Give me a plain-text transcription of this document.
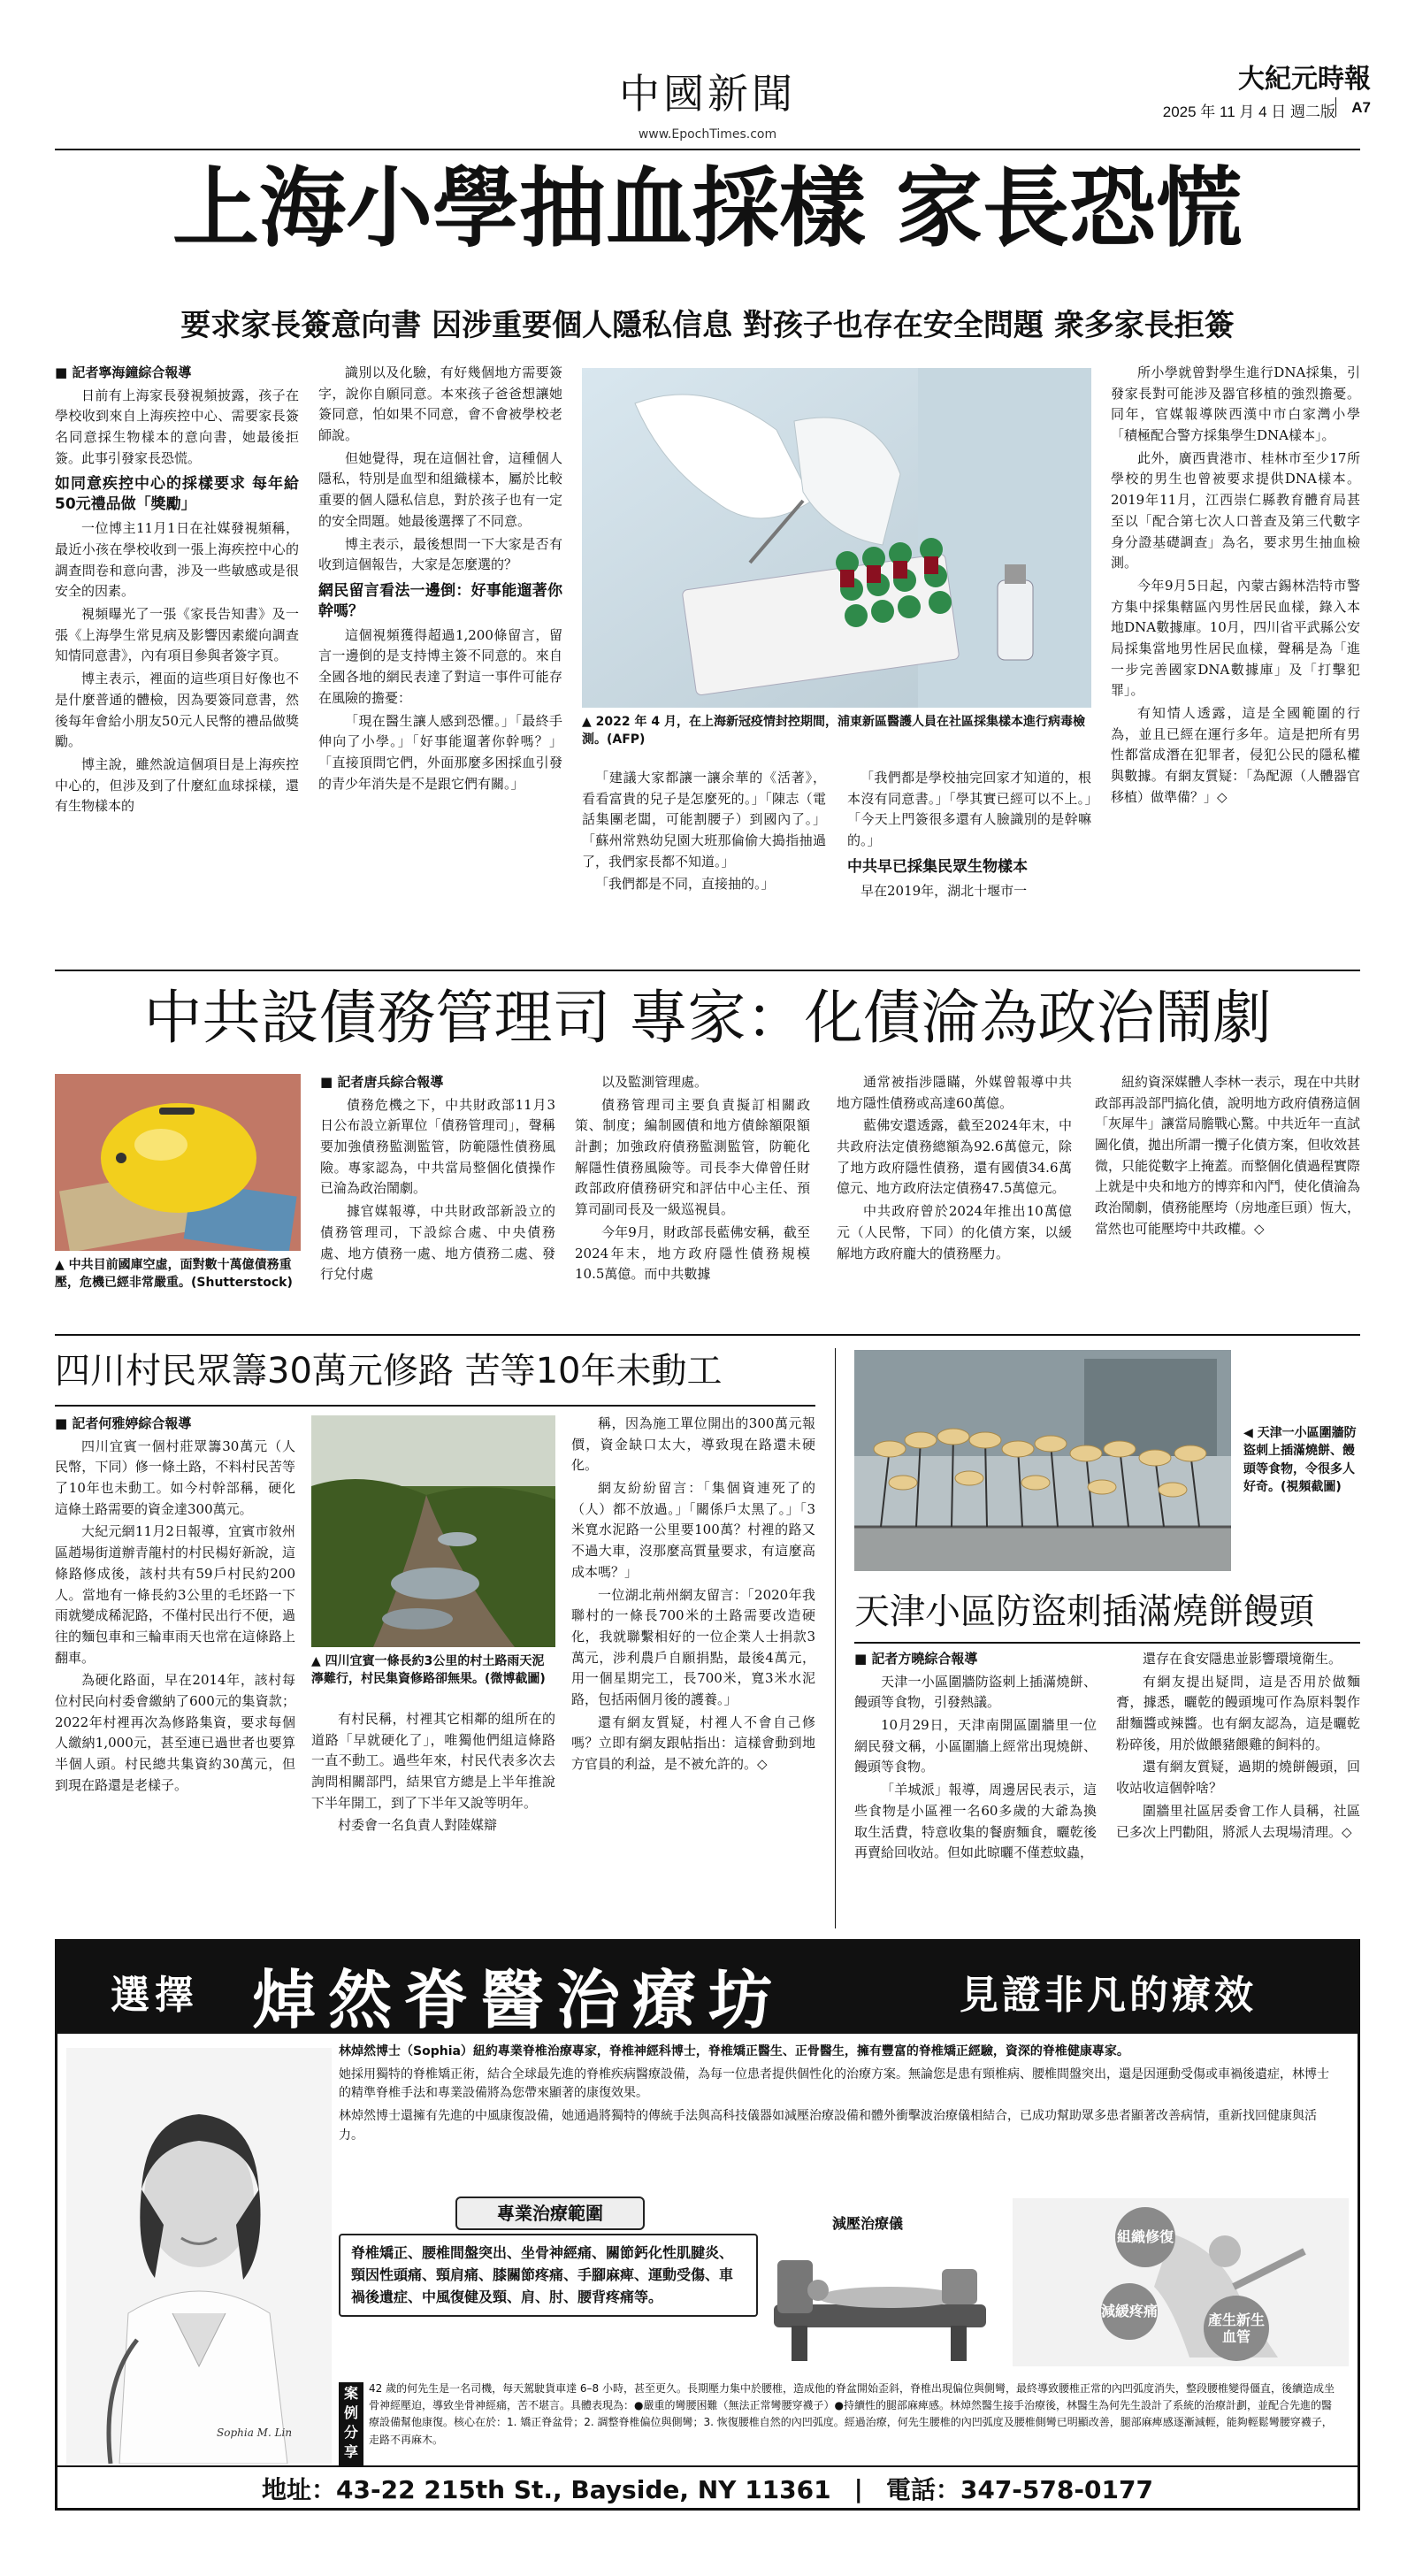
中國新聞
www.EpochTimes.com
大紀元時報
2025 年 11 月 4 日 週二版	A7
上海小學抽血採樣 家長恐慌
要求家長簽意向書 因涉重要個人隱私信息 對孩子也存在安全問題 衆多家長拒簽

■ 記者寧海鐘綜合報導

日前有上海家長發視頻披露，孩子在學校收到來自上海疾控中心、需要家長簽名同意採生物樣本的意向書，她最後拒簽。此事引發家長恐慌。

如同意疾控中心的採樣要求 每年給50元禮品做「獎勵」

一位博主11月1日在社媒發視頻稱，最近小孩在學校收到一張上海疾控中心的調查問卷和意向書，涉及一些敏感或是很安全的因素。

視頻曝光了一張《家長告知書》及一張《上海學生常見病及影響因素縱向調查知情同意書》，內有項目參與者簽字頁。

博主表示，裡面的這些項目好像也不是什麼普通的體檢，因為要簽同意書，然後每年會給小朋友50元人民幣的禮品做獎勵。

博主說，雖然說這個項目是上海疾控中心的，但涉及到了什麼紅血球採樣，還有生物樣本的

識別以及化驗，有好幾個地方需要簽字，說你自願同意。本來孩子爸爸想讓她簽同意，怕如果不同意，會不會被學校老師說。

但她覺得，現在這個社會，這種個人隱私，特別是血型和組織樣本，屬於比較重要的個人隱私信息，對於孩子也有一定的安全問題。她最後選擇了不同意。

博主表示，最後想問一下大家是否有收到這個報告，大家是怎麼選的？

網民留言看法一邊倒：好事能遛著你幹嗎？

這個視頻獲得超過1,200條留言，留言一邊倒的是支持博主簽不同意的。來自全國各地的網民表達了對這一事件可能存在風險的擔憂：

「現在醫生讓人感到恐懼。」「最終手伸向了小學。」「好事能遛著你幹嗎？」「直接頂問它們，外面那麼多困採血引發的青少年消失是不是跟它們有關。」

▲ 2022 年 4 月，在上海新冠疫情封控期間，浦東新區醫護人員在社區採集樣本進行病毒檢測。(AFP)

「建議大家都讓一讓余華的《活著》，看看富貴的兒子是怎麼死的。」「陳志（電話集團老闆，可能割腰子）到國內了。」「蘇州常熟幼兒園大班那倫偷大搗指抽過了，我們家長都不知道。」

「我們都是不同，直接抽的。」

「我們都是學校抽完回家才知道的，根本沒有同意書。」「學其實已經可以不上。」「今天上門簽很多還有人臉識別的是幹嘛的。」

中共早已採集民眾生物樣本

早在2019年，湖北十堰市一

所小學就曾對學生進行DNA採集，引發家長對可能涉及器官移植的強烈擔憂。同年，官媒報導陝西漢中市白家灣小學「積極配合警方採集學生DNA樣本」。

此外，廣西貴港市、桂林市至少17所學校的男生也曾被要求提供DNA樣本。2019年11月，江西崇仁縣教育體育局甚至以「配合第七次人口普查及第三代數字身分證基礎調查」為名，要求男生抽血檢測。

今年9月5日起，內蒙古錫林浩特市警方集中採集轄區內男性居民血樣，錄入本地DNA數據庫。10月，四川省平武縣公安局採集當地男性居民血樣，聲稱是為「進一步完善國家DNA數據庫」及「打擊犯罪」。

有知情人透露，這是全國範圍的行為，並且已經在運行多年。這是把所有男性都當成潛在犯罪者，侵犯公民的隱私權與數據。有網友質疑：「為配源（人體器官移植）做準備？」◇

中共設債務管理司 專家：化債淪為政治鬧劇
▲ 中共目前國庫空虛，面對數十萬億債務重壓，危機已經非常嚴重。(Shutterstock)

■ 記者唐兵綜合報導

債務危機之下，中共財政部11月3日公布設立新單位「債務管理司」，聲稱要加強債務監測監管，防範隱性債務風險。專家認為，中共當局整個化債操作已淪為政治鬧劇。

據官媒報導，中共財政部新設立的債務管理司，下設綜合處、中央債務處、地方債務一處、地方債務二處、發行兌付處

以及監測管理處。

債務管理司主要負責擬訂相關政策、制度；編制國債和地方債餘額限額計劃；加強政府債務監測監管，防範化解隱性債務風險等。司長李大偉曾任財政部政府債務研究和評估中心主任、預算司副司長及一級巡視員。

今年9月，財政部長藍佛安稱，截至2024年末，地方政府隱性債務規模10.5萬億。而中共數據

通常被指涉隱瞞，外媒曾報導中共地方隱性債務或高達60萬億。

藍佛安還透露，截至2024年末，中共政府法定債務總額為92.6萬億元，除了地方政府隱性債務，還有國債34.6萬億元、地方政府法定債務47.5萬億元。

中共政府曾於2024年推出10萬億元（人民幣，下同）的化債方案，以緩解地方政府龐大的債務壓力。

紐約資深媒體人李林一表示，現在中共財政部再設部門搞化債，說明地方政府債務這個「灰犀牛」讓當局膽戰心驚。中共近年一直試圖化債，拋出所謂一攬子化債方案，但收效甚微，只能從數字上掩蓋。而整個化債過程實際上就是中央和地方的博弈和內鬥，使化債淪為政治鬧劇，債務能壓垮（房地產巨頭）恆大，當然也可能壓垮中共政權。◇

四川村民眾籌30萬元修路 苦等10年未動工

■ 記者何雅婷綜合報導

四川宜賓一個村莊眾籌30萬元（人民幣，下同）修一條土路，不料村民苦等了10年也未動工。如今村幹部稱，硬化這條土路需要的資金達300萬元。

大紀元網11月2日報導，宜賓市敘州區趙場街道辦青龍村的村民楊好新說，這條路修成後，該村共有59戶村民約200人。當地有一條長約3公里的毛坯路一下雨就變成稀泥路，不僅村民出行不便，過往的麵包車和三輪車雨天也常在這條路上翻車。

為硬化路面，早在2014年，該村每位村民向村委會繳納了600元的集資款；2022年村裡再次為修路集資，要求每個人繳納1,000元，甚至連已過世者也要算半個人頭。村民總共集資約30萬元，但到現在路還是老樣子。

▲ 四川宜賓一條長約3公里的村土路雨天泥濘難行，村民集資修路卻無果。(微博截圖)

有村民稱，村裡其它相鄰的組所在的道路「早就硬化了」，唯獨他們組這條路一直不動工。過些年來，村民代表多次去詢問相關部門，結果官方總是上半年推說下半年開工，到了下半年又說等明年。

村委會一名負責人對陸媒辯

稱，因為施工單位開出的300萬元報價，資金缺口太大，導致現在路還未硬化。

網友紛紛留言：「集個資連死了的（人）都不放過。」「關係戶太黑了。」「3米寬水泥路一公里要100萬？村裡的路又不過大車，沒那麼高質量要求，有這麼高成本嗎？」

一位湖北荊州網友留言：「2020年我聯村的一條長700米的土路需要改造硬化，我就聯繫相好的一位企業人士捐款3萬元，涉利農戶自願捐點，最後4萬元，用一個星期完工，長700米，寬3米水泥路，包括兩個月後的護養。」

還有網友質疑，村裡人不會自己修嗎？立即有網友跟帖指出：這樣會動到地方官員的利益，是不被允許的。◇

◀ 天津一小區圍牆防盜刺上插滿燒餅、饅頭等食物，令很多人好奇。(視頻截圖)
天津小區防盜刺插滿燒餅饅頭

■ 記者方曉綜合報導

天津一小區圍牆防盜刺上插滿燒餅、饅頭等食物，引發熱議。

10月29日，天津南開區圍牆里一位網民發文稱，小區圍牆上經常出現燒餅、饅頭等食物。

「羊城派」報導，周邊居民表示，這些食物是小區裡一名60多歲的大爺為換取生活費，特意收集的餐廚麵食，曬乾後再賣給回收站。但如此晾曬不僅惹蚊蟲，

還存在食安隱患並影響環境衛生。

有網友提出疑問，這是否用於做麵膏，據悉，曬乾的饅頭塊可作為原料製作甜麵醬或辣醬。也有網友認為，這是曬乾粉碎後，用於做餵豬餵雞的飼料的。

還有網友質疑，過期的燒餅饅頭，回收站收這個幹啥？

圍牆里社區居委會工作人員稱，社區已多次上門勸阻，將派人去現場清理。◇

選擇 焯然脊醫治療坊	見證非凡的療效
Sophia M. Lin
林焯然博士（Sophia）紐約專業脊椎治療專家，脊椎神經科博士，脊椎矯正醫生、正骨醫生，擁有豐富的脊椎矯正經驗，資深的脊椎健康專家。
她採用獨特的脊椎矯正術，結合全球最先進的脊椎疾病醫療設備，為每一位患者提供個性化的治療方案。無論您是患有頸椎病、腰椎間盤突出，還是因運動受傷或車禍後遺症，林博士的精準脊椎手法和專業設備將為您帶來顯著的康復效果。
林焯然博士還擁有先進的中風康復設備，她通過將獨特的傳統手法與高科技儀器如減壓治療設備和體外衝擊波治療儀相結合，已成功幫助眾多患者顯著改善病情，重新找回健康與活力。
專業治療範圍
脊椎矯正、腰椎間盤突出、坐骨神經痛、關節鈣化性肌腱炎、頸因性頭痛、頸肩痛、膝關節疼痛、手腳麻痺、運動受傷、車禍後遺症、中風復健及頸、肩、肘、腰背疼痛等。
減壓治療儀
組織修復
減緩疼痛	產生新生血管
案例分享
42 歲的何先生是一名司機，每天駕駛貨車達 6–8 小時，甚至更久。長期壓力集中於腰椎，造成他的脊盆開始歪斜，脊椎出現偏位與側彎，最終導致腰椎正常的內凹弧度消失，整段腰椎變得僵直，後續造成坐骨神經壓迫，導致坐骨神經痛，苦不堪言。具體表現為：●嚴重的彎腰困難（無法正常彎腰穿襪子）●持續性的腿部麻痺感。林焯然醫生接手治療後，林醫生為何先生設計了系統的治療計劃，並配合先進的醫療設備幫他康復。核心在於：1. 矯正脊盆骨；2. 調整脊椎偏位與側彎；3. 恢復腰椎自然的內凹弧度。經過治療，何先生腰椎的內凹弧度及腰椎側彎已明顯改善，腿部麻痺感逐漸減輕，能夠輕鬆彎腰穿襪子，走路不再麻木。
地址：43-22 215th St., Bayside, NY 11361 | 電話：347-578-0177
